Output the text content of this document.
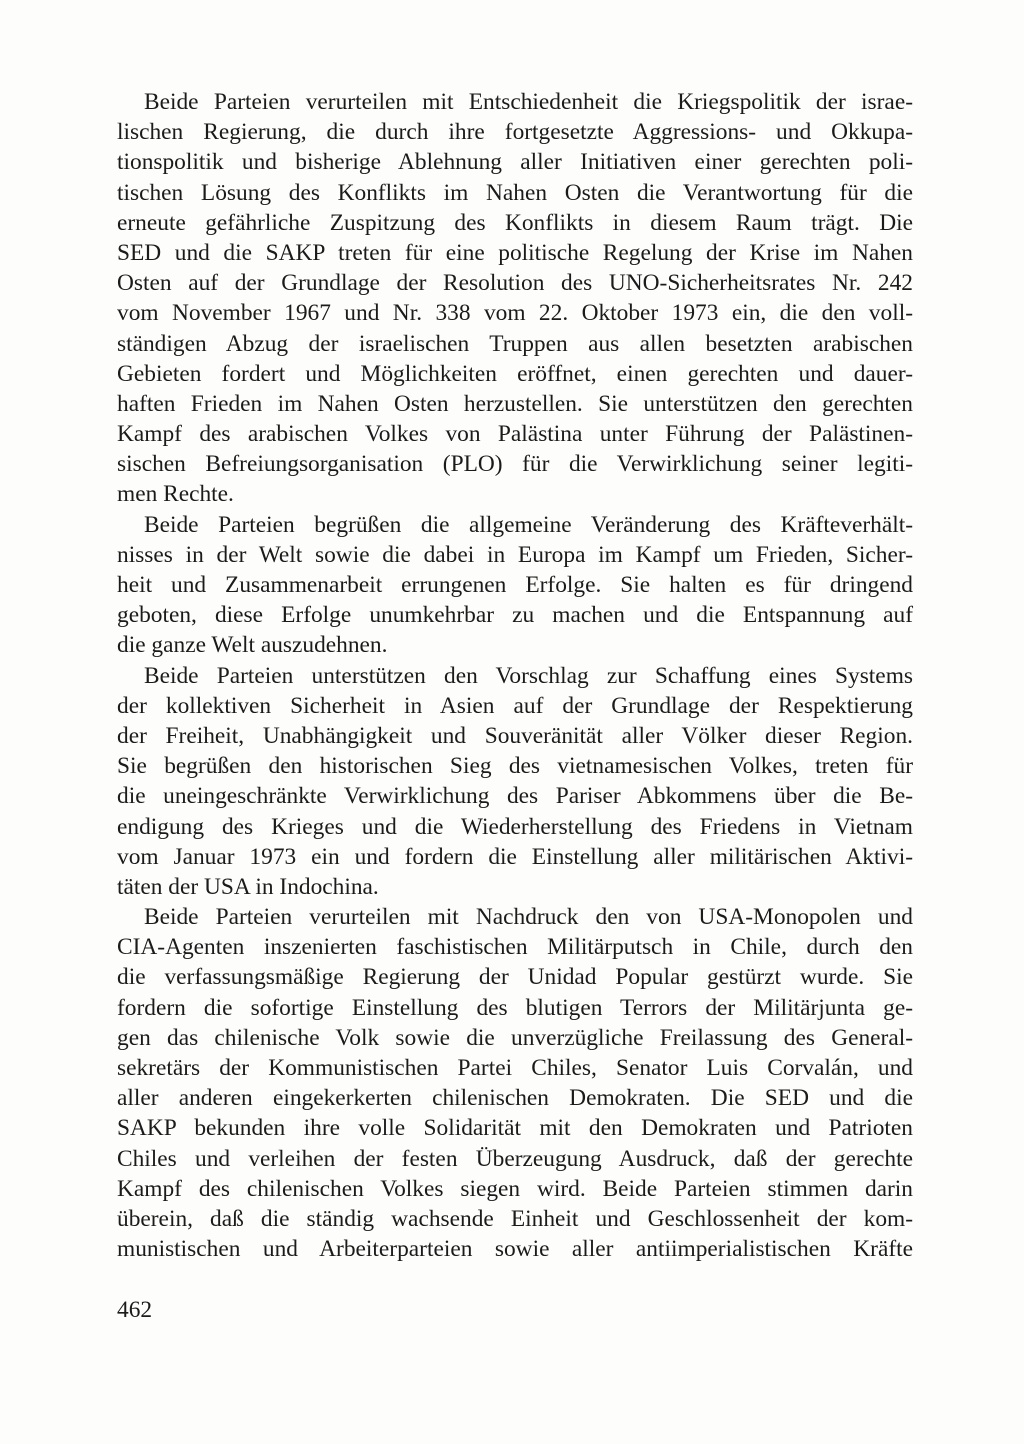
Beide Parteien verurteilen mit Entschiedenheit die Kriegspolitik der israe-
lischen Regierung, die durch ihre fortgesetzte Aggressions- und Okkupa-
tionspolitik und bisherige Ablehnung aller Initiativen einer gerechten poli-
tischen Lösung des Konflikts im Nahen Osten die Verantwortung für die
erneute gefährliche Zuspitzung des Konflikts in diesem Raum trägt. Die
SED und die SAKP treten für eine politische Regelung der Krise im Nahen
Osten auf der Grundlage der Resolution des UNO-Sicherheitsrates Nr. 242
vom November 1967 und Nr. 338 vom 22. Oktober 1973 ein, die den voll-
ständigen Abzug der israelischen Truppen aus allen besetzten arabischen
Gebieten fordert und Möglichkeiten eröffnet, einen gerechten und dauer-
haften Frieden im Nahen Osten herzustellen. Sie unterstützen den gerechten
Kampf des arabischen Volkes von Palästina unter Führung der Palästinen-
sischen Befreiungsorganisation (PLO) für die Verwirklichung seiner legiti-
men Rechte.
Beide Parteien begrüßen die allgemeine Veränderung des Kräfteverhält-
nisses in der Welt sowie die dabei in Europa im Kampf um Frieden, Sicher-
heit und Zusammenarbeit errungenen Erfolge. Sie halten es für dringend
geboten, diese Erfolge unumkehrbar zu machen und die Entspannung auf
die ganze Welt auszudehnen.
Beide Parteien unterstützen den Vorschlag zur Schaffung eines Systems
der kollektiven Sicherheit in Asien auf der Grundlage der Respektierung
der Freiheit, Unabhängigkeit und Souveränität aller Völker dieser Region.
Sie begrüßen den historischen Sieg des vietnamesischen Volkes, treten für
die uneingeschränkte Verwirklichung des Pariser Abkommens über die Be-
endigung des Krieges und die Wiederherstellung des Friedens in Vietnam
vom Januar 1973 ein und fordern die Einstellung aller militärischen Aktivi-
täten der USA in Indochina.
Beide Parteien verurteilen mit Nachdruck den von USA-Monopolen und
CIA-Agenten inszenierten faschistischen Militärputsch in Chile, durch den
die verfassungsmäßige Regierung der Unidad Popular gestürzt wurde. Sie
fordern die sofortige Einstellung des blutigen Terrors der Militärjunta ge-
gen das chilenische Volk sowie die unverzügliche Freilassung des General-
sekretärs der Kommunistischen Partei Chiles, Senator Luis Corvalán, und
aller anderen eingekerkerten chilenischen Demokraten. Die SED und die
SAKP bekunden ihre volle Solidarität mit den Demokraten und Patrioten
Chiles und verleihen der festen Überzeugung Ausdruck, daß der gerechte
Kampf des chilenischen Volkes siegen wird. Beide Parteien stimmen darin
überein, daß die ständig wachsende Einheit und Geschlossenheit der kom-
munistischen und Arbeiterparteien sowie aller antiimperialistischen Kräfte
462
